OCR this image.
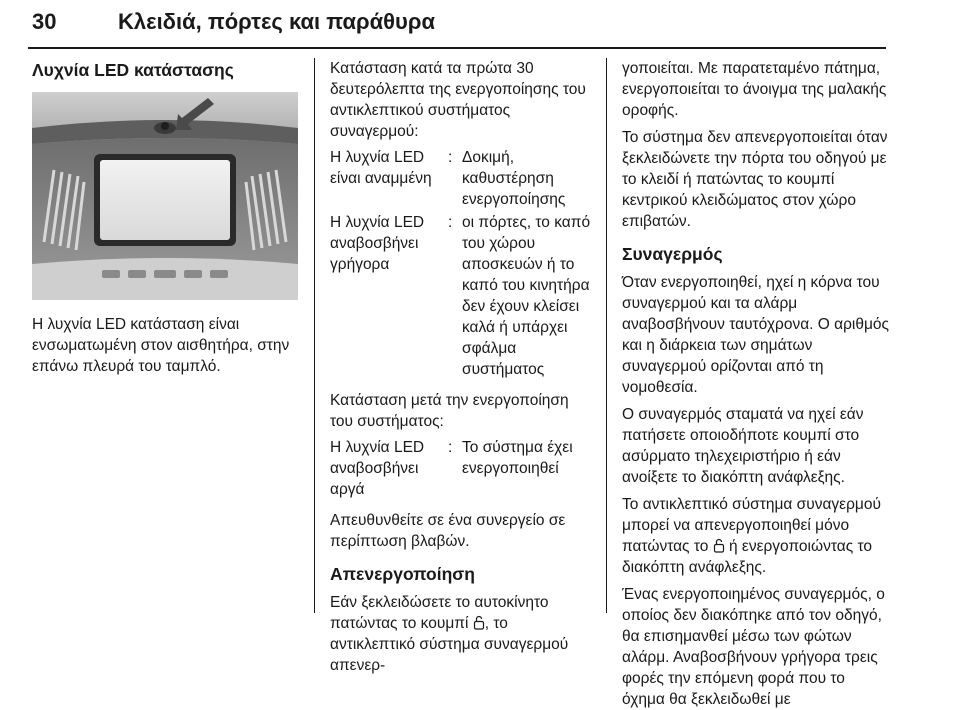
30	Κλειδιά, πόρτες και παράθυρα
Λυχνία LED κατάστασης

Η λυχνία LED κατάσταση είναι ενσωματωμένη στον αισθητήρα, στην επάνω πλευρά του ταμπλό.

Κατάσταση κατά τα πρώτα 30 δευτερόλεπτα της ενεργοποίησης του αντικλεπτικού συστήματος συναγερμού:

Η λυχνία LED είναι αναμμένη
: Δοκιμή, καθυστέρηση ενεργοποίησης
Η λυχνία LED αναβοσβήνει γρήγορα
: οι πόρτες, το καπό του χώρου αποσκευών ή το καπό του κινητήρα δεν έχουν κλείσει καλά ή υπάρχει σφάλμα συστήματος

Κατάσταση μετά την ενεργοποίηση του συστήματος:

Η λυχνία LED αναβοσβήνει αργά
: Το σύστημα έχει ενεργοποιηθεί

Απευθυνθείτε σε ένα συνεργείο σε περίπτωση βλαβών.

Απενεργοποίηση

Εάν ξεκλειδώσετε το αυτοκίνητο πατώντας το κουμπί , το αντικλεπτικό σύστημα συναγερμού απενερ-

γοποιείται. Με παρατεταμένο πάτημα, ενεργοποιείται το άνοιγμα της μαλακής οροφής.

Το σύστημα δεν απενεργοποιείται όταν ξεκλειδώνετε την πόρτα του οδηγού με το κλειδί ή πατώντας το κουμπί κεντρικού κλειδώματος στον χώρο επιβατών.

Συναγερμός

Όταν ενεργοποιηθεί, ηχεί η κόρνα του συναγερμού και τα αλάρμ αναβοσβήνουν ταυτόχρονα. Ο αριθμός και η διάρκεια των σημάτων συναγερμού ορίζονται από τη νομοθεσία.

Ο συναγερμός σταματά να ηχεί εάν πατήσετε οποιοδήποτε κουμπί στο ασύρματο τηλεχειριστήριο ή εάν ανοίξετε το διακόπτη ανάφλεξης.

Το αντικλεπτικό σύστημα συναγερμού μπορεί να απενεργοποιηθεί μόνο πατώντας το ή ενεργοποιώντας το διακόπτη ανάφλεξης.

Ένας ενεργοποιημένος συναγερμός, ο οποίος δεν διακόπηκε από τον οδηγό, θα επισημανθεί μέσω των φώτων αλάρμ. Αναβοσβήνουν γρήγορα τρεις φορές την επόμενη φορά που το όχημα θα ξεκλειδωθεί με
